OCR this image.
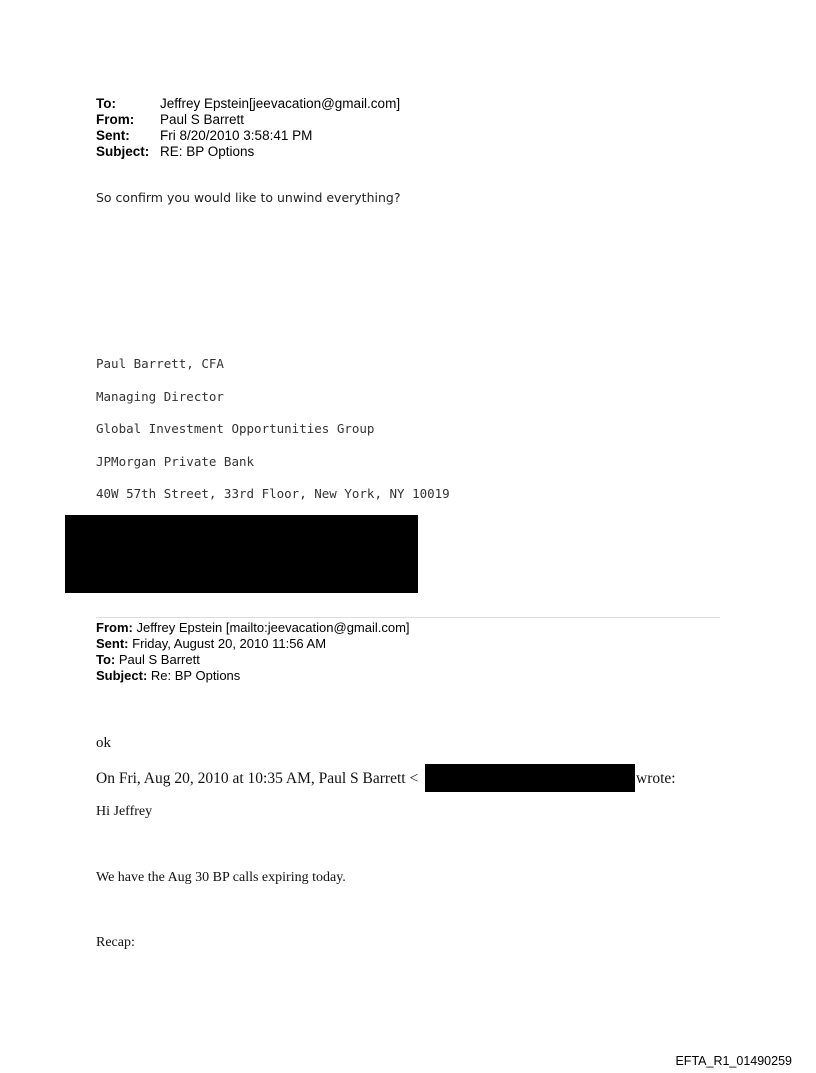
To:	Jeffrey Epstein[jeevacation@gmail.com]
From:	Paul S Barrett
Sent:	Fri 8/20/2010 3:58:41 PM
Subject: RE: BP Options
So confirm you would like to unwind everything?
Paul Barrett, CFA
Managing Director
Global Investment Opportunities Group
JPMorgan Private Bank
40W 57th Street, 33rd Floor, New York, NY 10019
From: Jeffrey Epstein [mailto:jeevacation@gmail.com]
Sent: Friday, August 20, 2010 11:56 AM
To: Paul S Barrett
Subject: Re: BP Options
ok
On Fri, Aug 20, 2010 at 10:35 AM, Paul S Barrett <	wrote:
Hi Jeffrey
We have the Aug 30 BP calls expiring today.
Recap:
EFTA_R1_01490259
